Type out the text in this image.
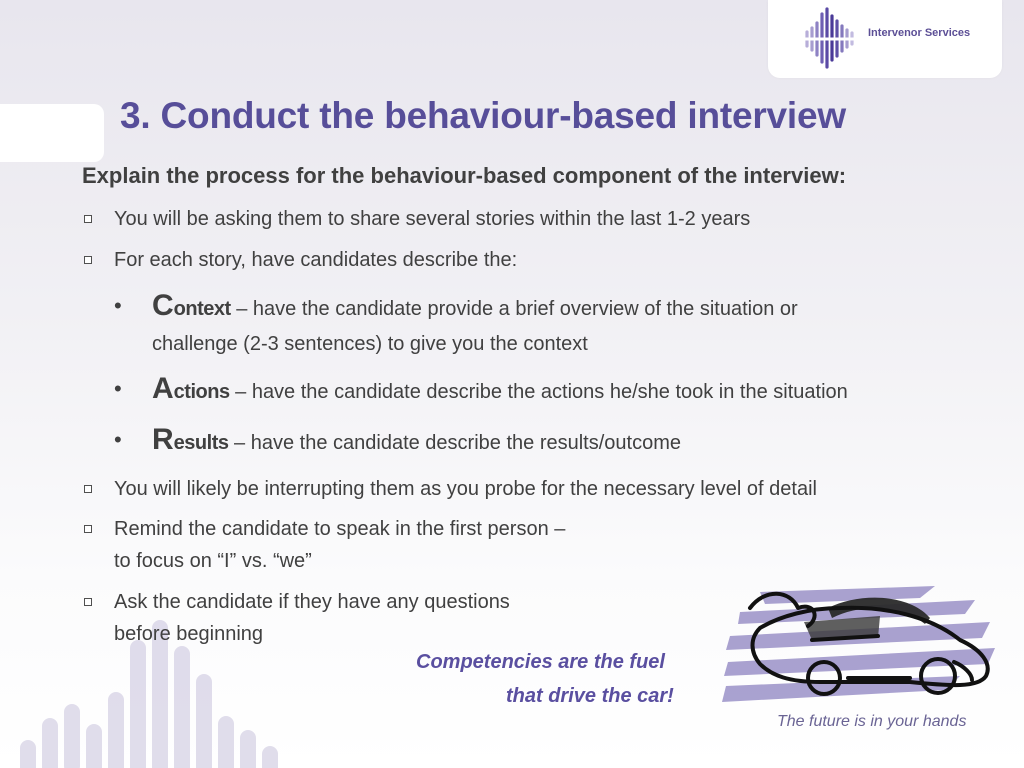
Intervenor Services
3. Conduct the behaviour-based interview

Explain the process for the behaviour-based component of the interview:

You will be asking them to share several stories within the last 1-2 years
For each story, have candidates describe the:
• Context – have the candidate provide a brief overview of the situation or
challenge (2-3 sentences) to give you the context
• Actions – have the candidate describe the actions he/she took in the situation
• Results – have the candidate describe the results/outcome
You will likely be interrupting them as you probe for the necessary level of detail
Remind the candidate to speak in the first person –
to focus on “I” vs. “we”
Ask the candidate if they have any questions
before beginning
Competencies are the fuel
that drive the car!
The future is in your hands
